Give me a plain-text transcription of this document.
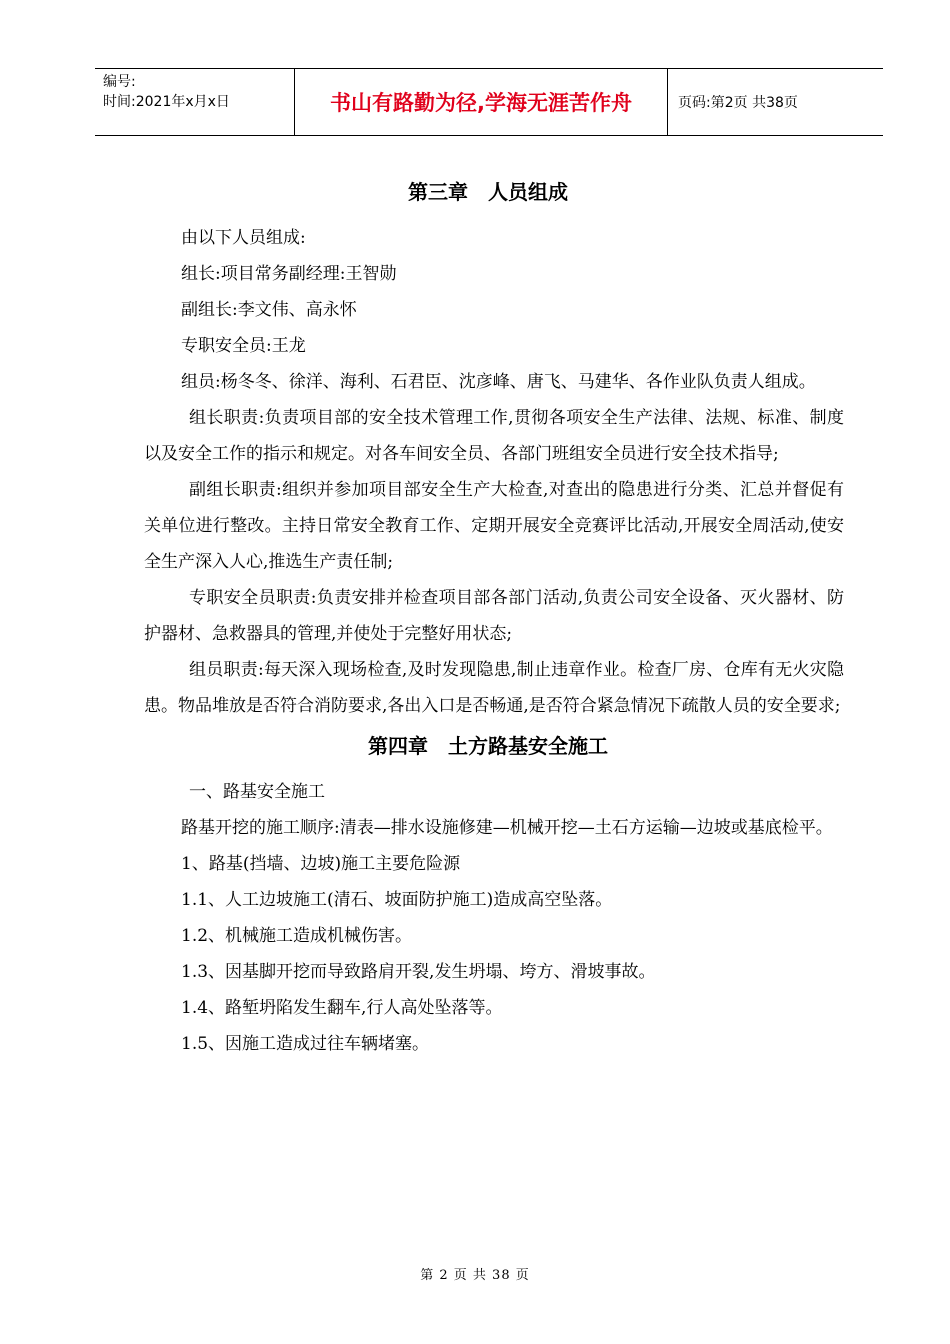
编号:
时间:2021年x月x日	书山有路勤为径,学海无涯苦作舟	页码:第2页 共38页
第三章　人员组成

由以下人员组成:

组长:项目常务副经理:王智勋

副组长:李文伟、高永怀

专职安全员:王龙

组员:杨冬冬、徐洋、海利、石君臣、沈彦峰、唐飞、马建华、各作业队负责人组成。

组长职责:负责项目部的安全技术管理工作,贯彻各项安全生产法律、法规、标准、制度以及安全工作的指示和规定。对各车间安全员、各部门班组安全员进行安全技术指导;

副组长职责:组织并参加项目部安全生产大检查,对查出的隐患进行分类、汇总并督促有关单位进行整改。主持日常安全教育工作、定期开展安全竞赛评比活动,开展安全周活动,使安全生产深入人心,推选生产责任制;

专职安全员职责:负责安排并检查项目部各部门活动,负责公司安全设备、灭火器材、防护器材、急救器具的管理,并使处于完整好用状态;

组员职责:每天深入现场检查,及时发现隐患,制止违章作业。检查厂房、仓库有无火灾隐患。物品堆放是否符合消防要求,各出入口是否畅通,是否符合紧急情况下疏散人员的安全要求;

第四章　土方路基安全施工

一、路基安全施工

路基开挖的施工顺序:清表—排水设施修建—机械开挖—土石方运输—边坡或基底检平。

1、路基(挡墙、边坡)施工主要危险源

1.1、人工边坡施工(清石、坡面防护施工)造成高空坠落。

1.2、机械施工造成机械伤害。

1.3、因基脚开挖而导致路肩开裂,发生坍塌、垮方、滑坡事故。

1.4、路堑坍陷发生翻车,行人高处坠落等。

1.5、因施工造成过往车辆堵塞。

第 2 页 共 38 页
